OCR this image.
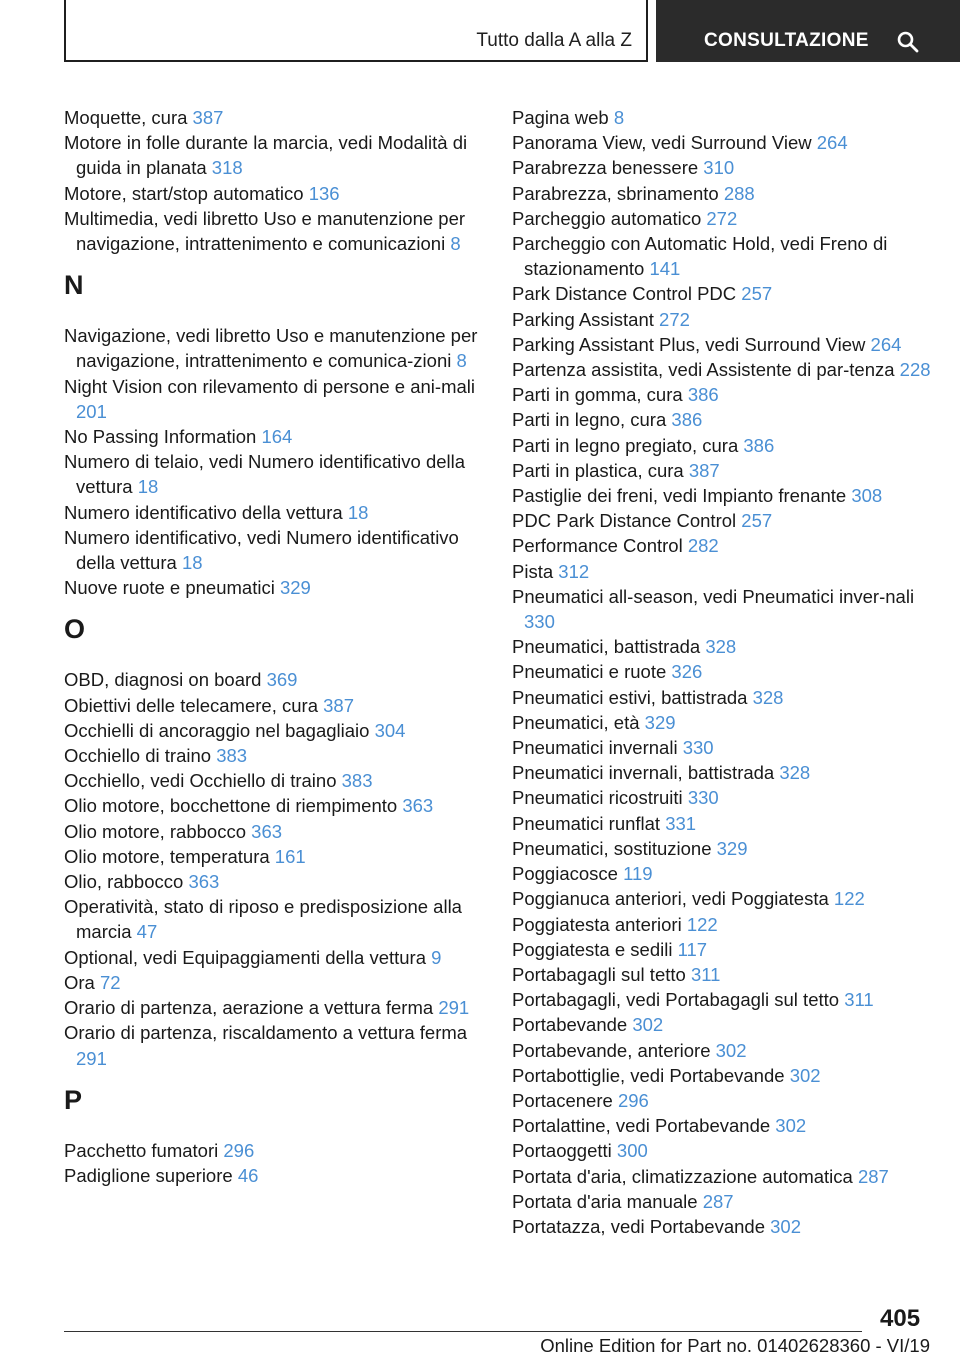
Tutto dalla A alla Z	CONSULTAZIONE
Moquette, cura 387
Motore in folle durante la marcia, vedi Modalità di guida in planata 318
Motore, start/stop automatico 136
Multimedia, vedi libretto Uso e manutenzione per navigazione, intrattenimento e comunicazioni 8
N
Navigazione, vedi libretto Uso e manutenzione per navigazione, intrattenimento e comunica-zioni 8
Night Vision con rilevamento di persone e ani-mali 201
No Passing Information 164
Numero di telaio, vedi Numero identificativo della vettura 18
Numero identificativo della vettura 18
Numero identificativo, vedi Numero identificativo della vettura 18
Nuove ruote e pneumatici 329
O
OBD, diagnosi on board 369
Obiettivi delle telecamere, cura 387
Occhielli di ancoraggio nel bagagliaio 304
Occhiello di traino 383
Occhiello, vedi Occhiello di traino 383
Olio motore, bocchettone di riempimento 363
Olio motore, rabbocco 363
Olio motore, temperatura 161
Olio, rabbocco 363
Operatività, stato di riposo e predisposizione alla marcia 47
Optional, vedi Equipaggiamenti della vettura 9
Ora 72
Orario di partenza, aerazione a vettura ferma 291
Orario di partenza, riscaldamento a vettura ferma 291
P
Pacchetto fumatori 296
Padiglione superiore 46
Pagina web 8
Panorama View, vedi Surround View 264
Parabrezza benessere 310
Parabrezza, sbrinamento 288
Parcheggio automatico 272
Parcheggio con Automatic Hold, vedi Freno di stazionamento 141
Park Distance Control PDC 257
Parking Assistant 272
Parking Assistant Plus, vedi Surround View 264
Partenza assistita, vedi Assistente di par-tenza 228
Parti in gomma, cura 386
Parti in legno, cura 386
Parti in legno pregiato, cura 386
Parti in plastica, cura 387
Pastiglie dei freni, vedi Impianto frenante 308
PDC Park Distance Control 257
Performance Control 282
Pista 312
Pneumatici all-season, vedi Pneumatici inver-nali 330
Pneumatici, battistrada 328
Pneumatici e ruote 326
Pneumatici estivi, battistrada 328
Pneumatici, età 329
Pneumatici invernali 330
Pneumatici invernali, battistrada 328
Pneumatici ricostruiti 330
Pneumatici runflat 331
Pneumatici, sostituzione 329
Poggiacosce 119
Poggianuca anteriori, vedi Poggiatesta 122
Poggiatesta anteriori 122
Poggiatesta e sedili 117
Portabagagli sul tetto 311
Portabagagli, vedi Portabagagli sul tetto 311
Portabevande 302
Portabevande, anteriore 302
Portabottiglie, vedi Portabevande 302
Portacenere 296
Portalattine, vedi Portabevande 302
Portaoggetti 300
Portata d'aria, climatizzazione automatica 287
Portata d'aria manuale 287
Portatazza, vedi Portabevande 302
405
Online Edition for Part no. 01402628360 - VI/19
